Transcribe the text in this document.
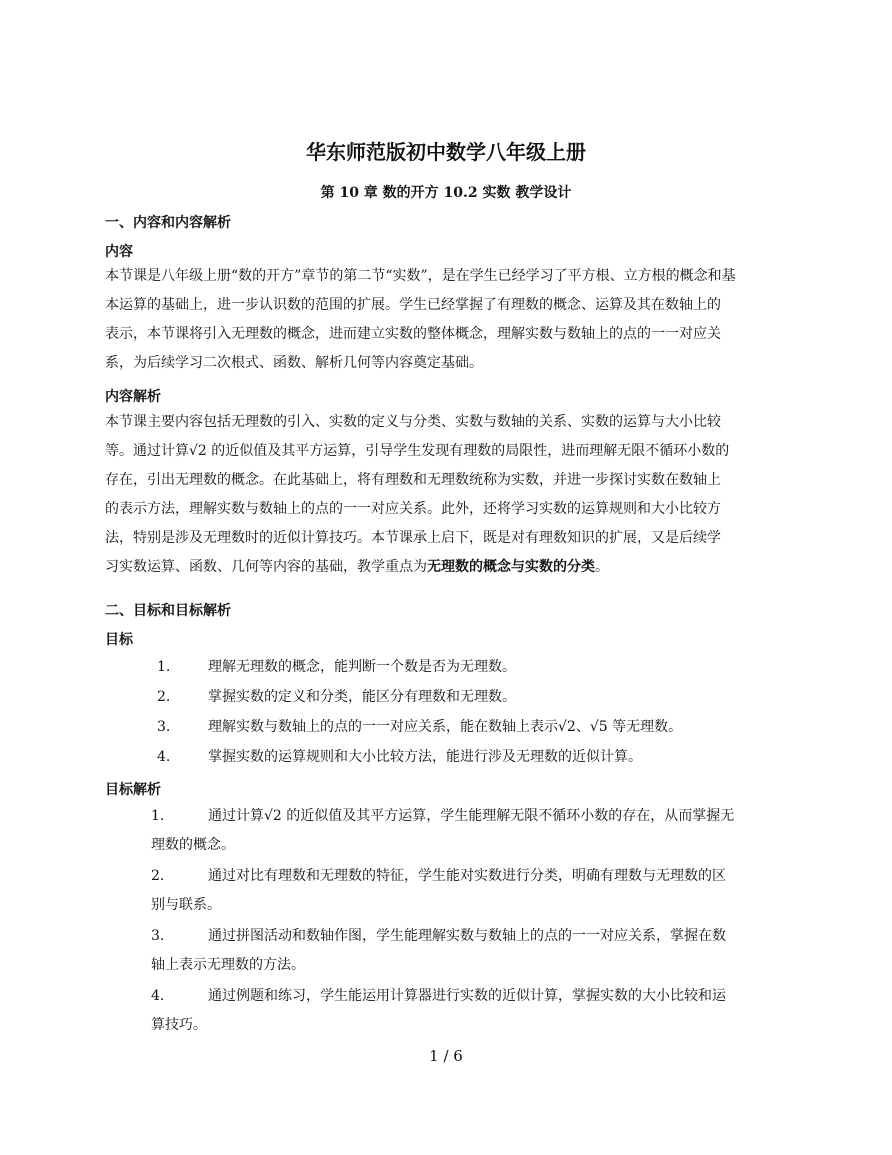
华东师范版初中数学八年级上册
第 10 章 数的开方 10.2 实数 教学设计
一、内容和内容解析
内容
本节课是八年级上册“数的开方”章节的第二节“实数”，是在学生已经学习了平方根、立方根的概念和基
本运算的基础上，进一步认识数的范围的扩展。学生已经掌握了有理数的概念、运算及其在数轴上的
表示，本节课将引入无理数的概念，进而建立实数的整体概念，理解实数与数轴上的点的一一对应关
系，为后续学习二次根式、函数、解析几何等内容奠定基础。
内容解析
本节课主要内容包括无理数的引入、实数的定义与分类、实数与数轴的关系、实数的运算与大小比较
等。通过计算√2 的近似值及其平方运算，引导学生发现有理数的局限性，进而理解无限不循环小数的
存在，引出无理数的概念。在此基础上，将有理数和无理数统称为实数，并进一步探讨实数在数轴上
的表示方法，理解实数与数轴上的点的一一对应关系。此外，还将学习实数的运算规则和大小比较方
法，特别是涉及无理数时的近似计算技巧。本节课承上启下，既是对有理数知识的扩展，又是后续学
习实数运算、函数、几何等内容的基础，教学重点为无理数的概念与实数的分类。
二、目标和目标解析
目标
1.	理解无理数的概念，能判断一个数是否为无理数。
2.	掌握实数的定义和分类，能区分有理数和无理数。
3.	理解实数与数轴上的点的一一对应关系，能在数轴上表示√2、√5 等无理数。
4.	掌握实数的运算规则和大小比较方法，能进行涉及无理数的近似计算。
目标解析
1.	通过计算√2 的近似值及其平方运算，学生能理解无限不循环小数的存在，从而掌握无
理数的概念。
2.	通过对比有理数和无理数的特征，学生能对实数进行分类，明确有理数与无理数的区
别与联系。
3.	通过拼图活动和数轴作图，学生能理解实数与数轴上的点的一一对应关系，掌握在数
轴上表示无理数的方法。
4.	通过例题和练习，学生能运用计算器进行实数的近似计算，掌握实数的大小比较和运
算技巧。
1 / 6
